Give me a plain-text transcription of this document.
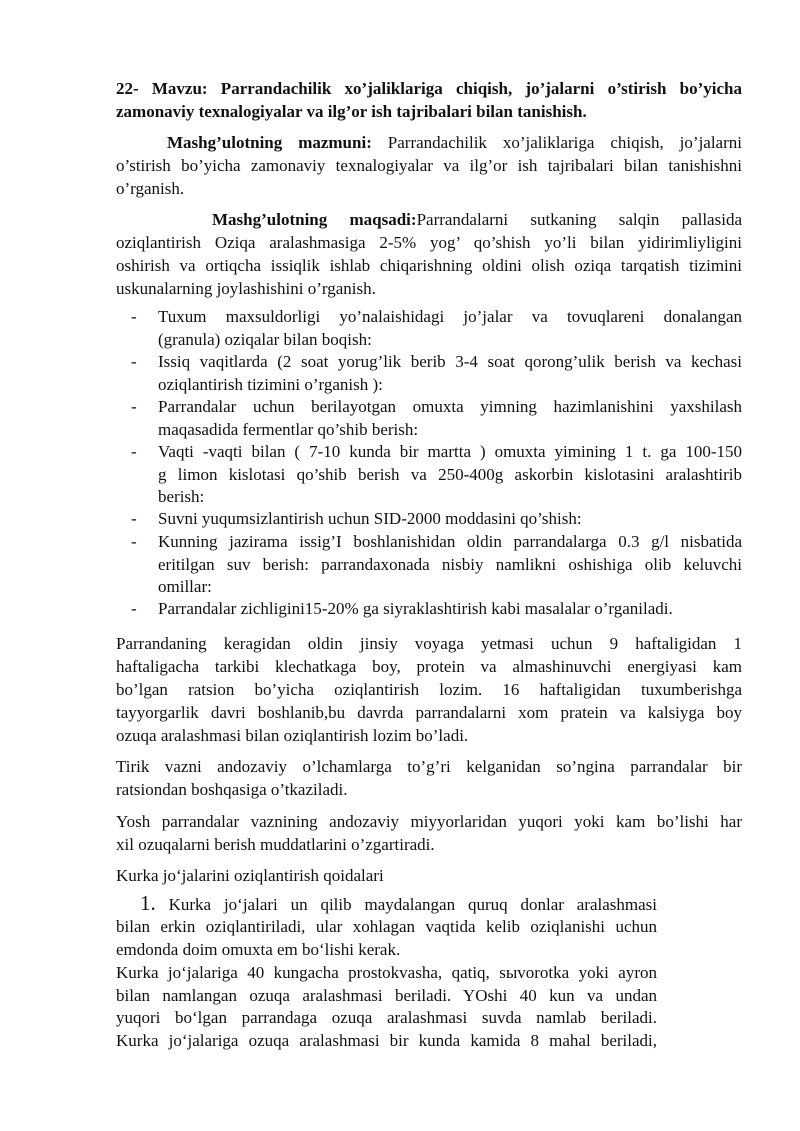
22- Mavzu: Parrandachilik xo’jaliklariga chiqish, jo’jalarni o’stirish bo’yicha
zamonaviy texnalogiyalar va ilg’or ish tajribalari bilan tanishish.
Mashg’ulotning mazmuni: Parrandachilik xo’jaliklariga chiqish, jo’jalarni
o’stirish bo’yicha zamonaviy texnalogiyalar va ilg’or ish tajribalari bilan tanishishni
o’rganish.
Mashg’ulotning maqsadi:Parrandalarni sutkaning salqin pallasida
oziqlantirish Oziqa aralashmasiga 2-5% yog’ qo’shish yo’li bilan yidirimliyligini
oshirish va ortiqcha issiqlik ishlab chiqarishning oldini olish oziqa tarqatish tizimini
uskunalarning joylashishini o’rganish.
- Tuxum maxsuldorligi yo’nalaishidagi jo’jalar va tovuqlareni donalangan
(granula) oziqalar bilan boqish:
- Issiq vaqitlarda (2 soat yorug’lik berib 3-4 soat qorong’ulik berish va kechasi
oziqlantirish tizimini o’rganish ):
- Parrandalar uchun berilayotgan omuxta yimning hazimlanishini yaxshilash
maqasadida fermentlar qo’shib berish:
- Vaqti -vaqti bilan ( 7-10 kunda bir martta ) omuxta yimining 1 t. ga 100-150
g limon kislotasi qo’shib berish va 250-400g askorbin kislotasini aralashtirib
berish:
- Suvni yuqumsizlantirish uchun SID-2000 moddasini qo’shish:
- Kunning jazirama issig’I boshlanishidan oldin parrandalarga 0.3 g/l nisbatida
eritilgan suv berish: parrandaxonada nisbiy namlikni oshishiga olib keluvchi
omillar:
- Parrandalar zichligini15-20% ga siyraklashtirish kabi masalalar o’rganiladi.
Parrandaning keragidan oldin jinsiy voyaga yetmasi uchun 9 haftaligidan 1
haftaligacha tarkibi klechatkaga boy, protein va almashinuvchi energiyasi kam
bo’lgan ratsion bo’yicha oziqlantirish lozim. 16 haftaligidan tuxumberishga
tayyorgarlik davri boshlanib,bu davrda parrandalarni xom pratein va kalsiyga boy
ozuqa aralashmasi bilan oziqlantirish lozim bo’ladi.
Tirik vazni andozaviy o’lchamlarga to’g’ri kelganidan so’ngina parrandalar bir
ratsiondan boshqasiga o’tkaziladi.
Yosh parrandalar vaznining andozaviy miyyorlaridan yuqori yoki kam bo’lishi har
xil ozuqalarni berish muddatlarini o’zgartiradi.
Kurka jo‘jalarini oziqlantirish qoidalari
1. Kurka jo‘jalari un qilib maydalangan quruq donlar aralashmasi
bilan erkin oziqlantiriladi, ular xohlagan vaqtida kelib oziqlanishi uchun
emdonda doim omuxta em bo‘lishi kerak.
Kurka jo‘jalariga 40 kungacha prostokvasha, qatiq, sыvorotka yoki ayron
bilan namlangan ozuqa aralashmasi beriladi. YOshi 40 kun va undan
yuqori bo‘lgan parrandaga ozuqa aralashmasi suvda namlab beriladi.
Kurka jo‘jalariga ozuqa aralashmasi bir kunda kamida 8 mahal beriladi,
